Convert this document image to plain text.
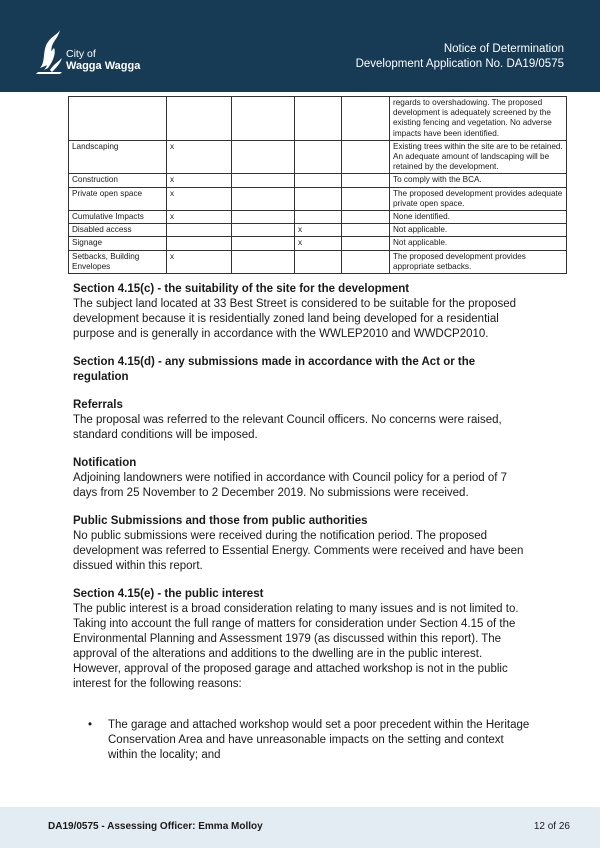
City of
Wagga Wagga
Notice of Determination
Development Application No. DA19/0575
					regards to overshadowing. The proposed development is adequately screened by the existing fencing and vegetation. No adverse impacts have been identified.
Landscaping	x				Existing trees within the site are to be retained. An adequate amount of landscaping will be retained by the development.
Construction	x				To comply with the BCA.
Private open space	x				The proposed development provides adequate private open space.
Cumulative Impacts	x				None identified.
Disabled access			x		Not applicable.
Signage			x		Not applicable.
Setbacks, Building Envelopes	x				The proposed development provides appropriate setbacks.
Section 4.15(c) - the suitability of the site for the development

The subject land located at 33 Best Street is considered to be suitable for the proposed development because it is residentially zoned land being developed for a residential purpose and is generally in accordance with the WWLEP2010 and WWDCP2010.

Section 4.15(d) - any submissions made in accordance with the Act or the regulation
Referrals

The proposal was referred to the relevant Council officers. No concerns were raised, standard conditions will be imposed.

Notification

Adjoining landowners were notified in accordance with Council policy for a period of 7 days from 25 November to 2 December 2019. No submissions were received.

Public Submissions and those from public authorities

No public submissions were received during the notification period. The proposed development was referred to Essential Energy. Comments were received and have been dissued within this report.

Section 4.15(e) - the public interest

The public interest is a broad consideration relating to many issues and is not limited to. Taking into account the full range of matters for consideration under Section 4.15 of the Environmental Planning and Assessment 1979 (as discussed within this report). The approval of the alterations and additions to the dwelling are in the public interest. However, approval of the proposed garage and attached workshop is not in the public interest for the following reasons:

• The garage and attached workshop would set a poor precedent within the Heritage Conservation Area and have unreasonable impacts on the setting and context within the locality; and
DA19/0575 - Assessing Officer: Emma Molloy	12 of 26
